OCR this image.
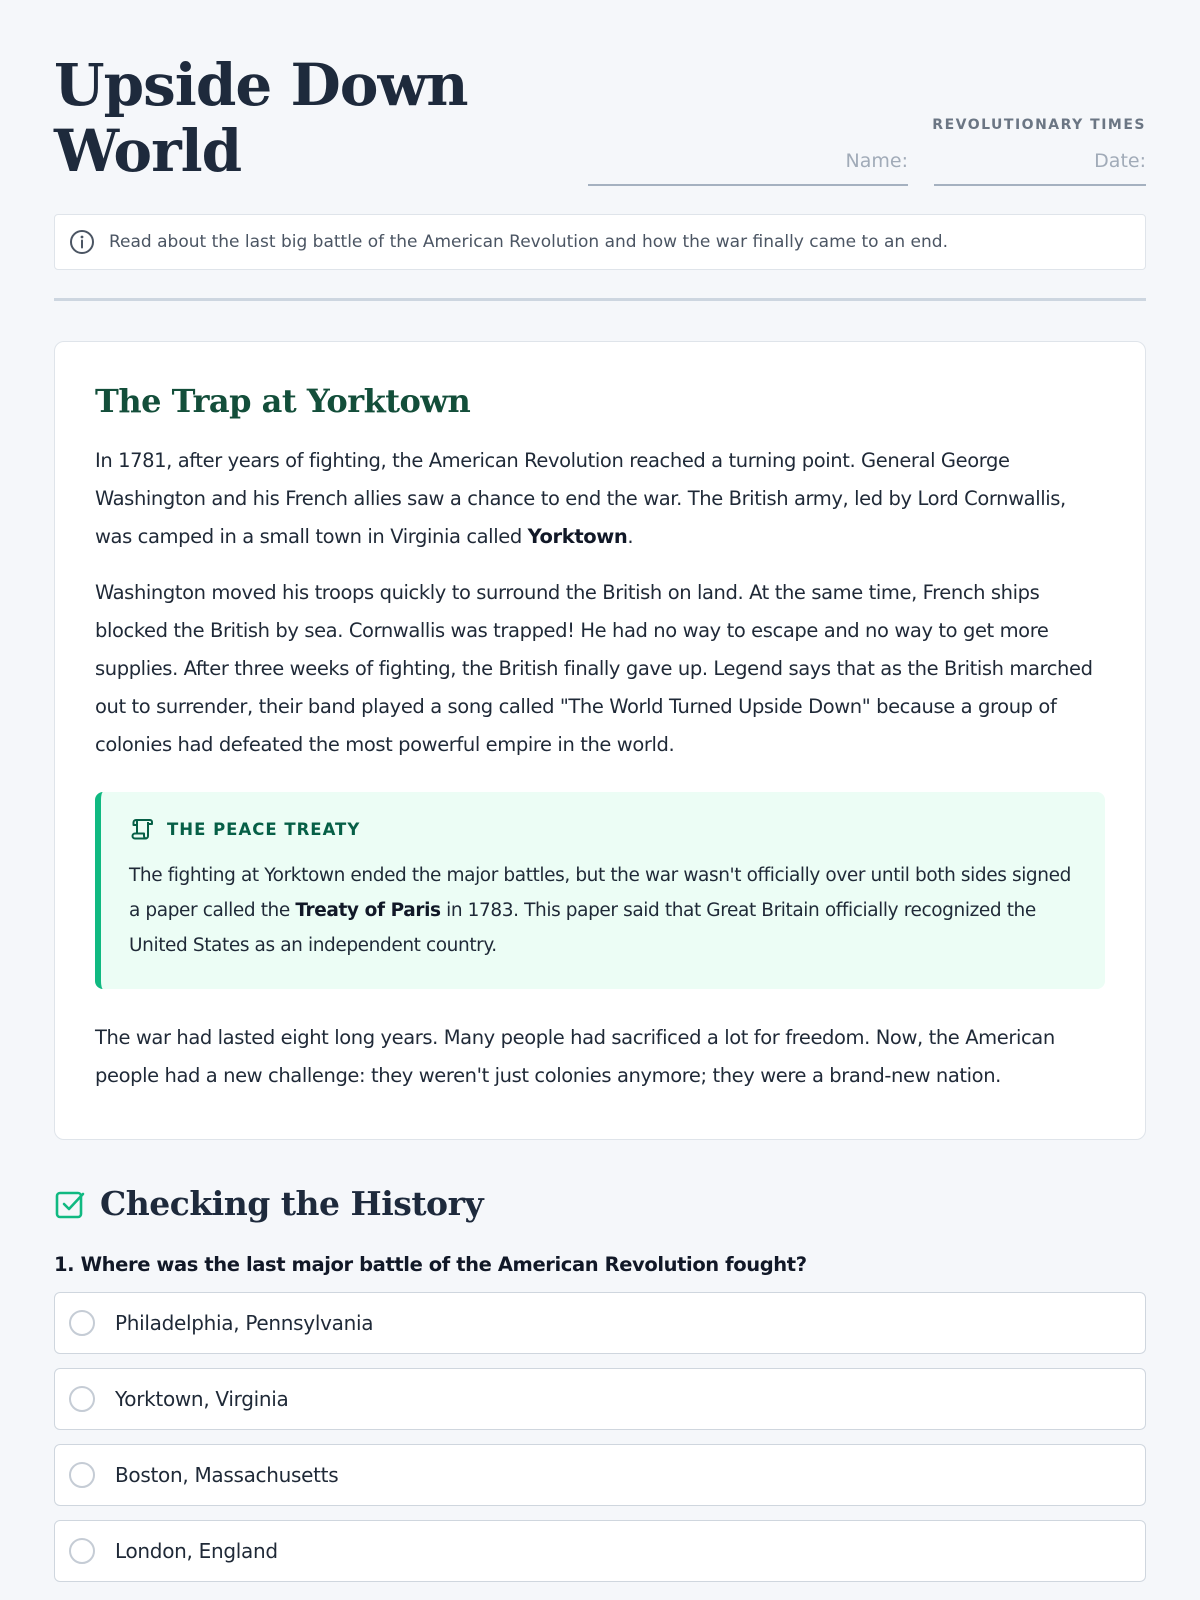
Upside Down
World	REVOLUTIONARY TIMES
Name:	Date:
Read about the last big battle of the American Revolution and how the war finally came to an end.
The Trap at Yorktown

In 1781, after years of fighting, the American Revolution reached a turning point. General George Washington and his French allies saw a chance to end the war. The British army, led by Lord Cornwallis, was camped in a small town in Virginia called Yorktown.

Washington moved his troops quickly to surround the British on land. At the same time, French ships blocked the British by sea. Cornwallis was trapped! He had no way to escape and no way to get more supplies. After three weeks of fighting, the British finally gave up. Legend says that as the British marched out to surrender, their band played a song called "The World Turned Upside Down" because a group of colonies had defeated the most powerful empire in the world.

THE PEACE TREATY
The fighting at Yorktown ended the major battles, but the war wasn't officially over until both sides signed a paper called the Treaty of Paris in 1783. This paper said that Great Britain officially recognized the United States as an independent country.

The war had lasted eight long years. Many people had sacrificed a lot for freedom. Now, the American people had a new challenge: they weren't just colonies anymore; they were a brand-new nation.

Checking the History
1. Where was the last major battle of the American Revolution fought?
Philadelphia, Pennsylvania
Yorktown, Virginia
Boston, Massachusetts
London, England
